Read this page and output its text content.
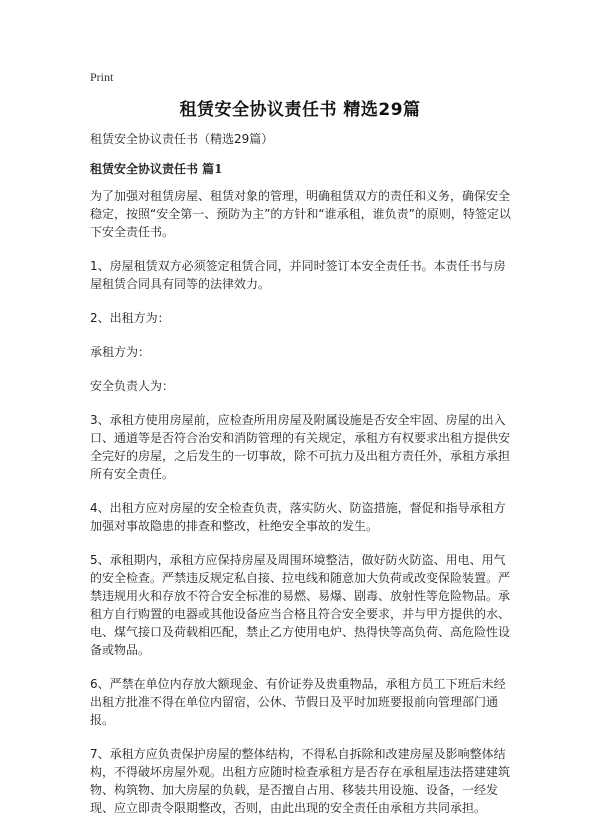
Print
租赁安全协议责任书 精选29篇

租赁安全协议责任书（精选29篇）

租赁安全协议责任书 篇1

为了加强对租赁房屋、租赁对象的管理，明确租赁双方的责任和义务，确保安全稳定，按照“安全第一、预防为主”的方针和“谁承租，谁负责”的原则，特签定以下安全责任书。

1、房屋租赁双方必须签定租赁合同，并同时签订本安全责任书。本责任书与房屋租赁合同具有同等的法律效力。

2、出租方为：

承租方为：

安全负责人为：

3、承租方使用房屋前，应检查所用房屋及附属设施是否安全牢固、房屋的出入口、通道等是否符合治安和消防管理的有关规定，承租方有权要求出租方提供安全完好的房屋，之后发生的一切事故，除不可抗力及出租方责任外，承租方承担所有安全责任。

4、出租方应对房屋的安全检查负责，落实防火、防盗措施，督促和指导承租方加强对事故隐患的排查和整改，杜绝安全事故的发生。

5、承租期内，承租方应保持房屋及周围环境整洁，做好防火防盗、用电、用气的安全检查。严禁违反规定私自接、拉电线和随意加大负荷或改变保险装置。严禁违规用火和存放不符合安全标准的易燃、易爆、剧毒、放射性等危险物品。承租方自行购置的电器或其他设备应当合格且符合安全要求，并与甲方提供的水、电、煤气接口及荷载相匹配，禁止乙方使用电炉、热得快等高负荷、高危险性设备或物品。

6、严禁在单位内存放大额现金、有价证券及贵重物品，承租方员工下班后未经出租方批准不得在单位内留宿，公休、节假日及平时加班要报前向管理部门通报。

7、承租方应负责保护房屋的整体结构，不得私自拆除和改建房屋及影响整体结构，不得破坏房屋外观。出租方应随时检查承租方是否存在承租屋违法搭建建筑物、构筑物、加大房屋的负载，是否擅自占用、移装共用设施、设备，一经发现、应立即责令限期整改，否则，由此出现的安全责任由承租方共同承担。
